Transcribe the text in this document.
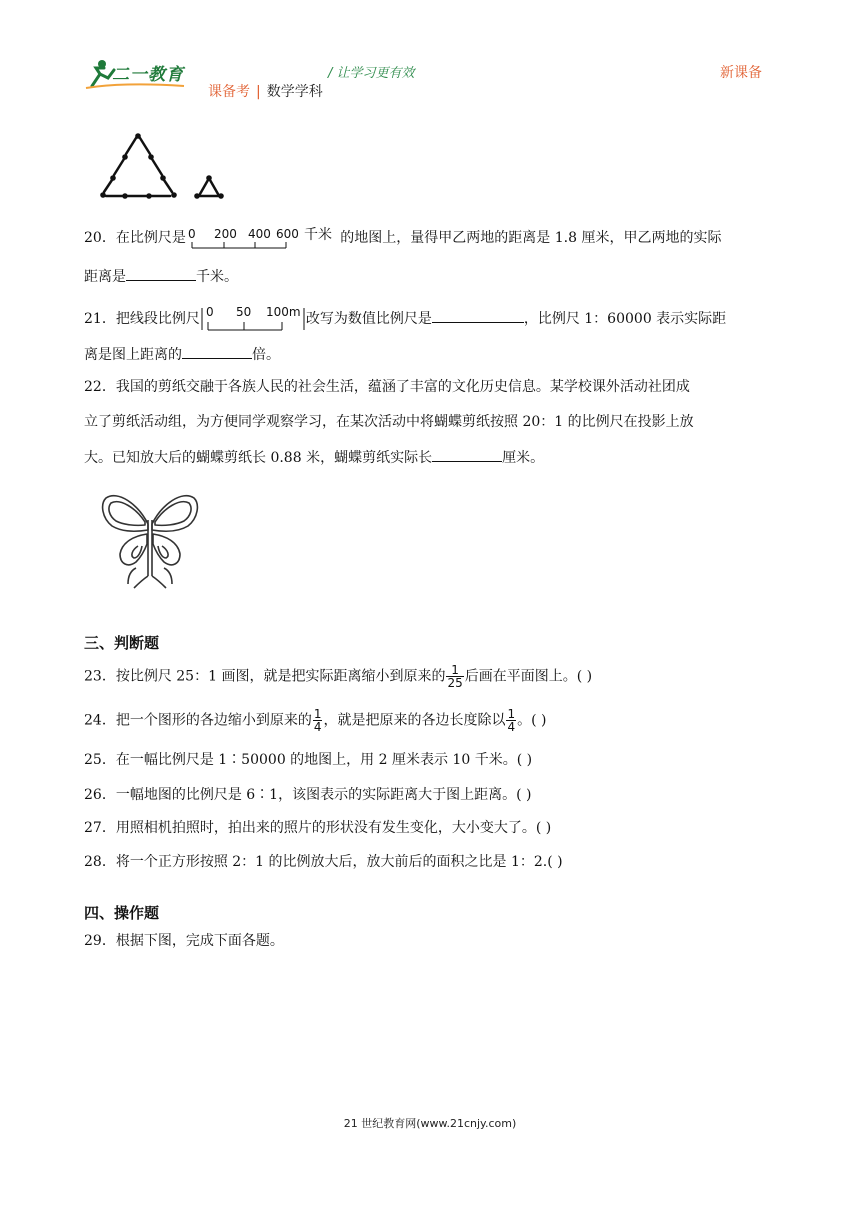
二一教育	/ 让学习更有效	新课备
课备考 | 数学学科
20．在比例尺是 0 200 400 600 千米 的地图上，量得甲乙两地的距离是 1.8 厘米，甲乙两地的实际
距离是	千米。
21．把线段比例尺 0 50 100m 改写为数值比例尺是	，比例尺 1：60000 表示实际距
离是图上距离的	倍。
22．我国的剪纸交融于各族人民的社会生活，蕴涵了丰富的文化历史信息。某学校课外活动社团成
立了剪纸活动组，为方便同学观察学习，在某次活动中将蝴蝶剪纸按照 20：1 的比例尺在投影上放
大。已知放大后的蝴蝶剪纸长 0.88 米，蝴蝶剪纸实际长	厘米。
三、判断题
23．按比例尺 25：1 画图，就是把实际距离缩小到原来的 $\frac{1}{25}$ 后画在平面图上。( )
24．把一个图形的各边缩小到原来的 $\frac{1}{4}$ ，就是把原来的各边长度除以 $\frac{1}{4}$ 。( )
25．在一幅比例尺是 1∶50000 的地图上，用 2 厘米表示 10 千米。( )
26．一幅地图的比例尺是 6∶1，该图表示的实际距离大于图上距离。( )
27．用照相机拍照时，拍出来的照片的形状没有发生变化，大小变大了。( )
28．将一个正方形按照 2：1 的比例放大后，放大前后的面积之比是 1：2.( )
四、操作题
29．根据下图，完成下面各题。
21 世纪教育网(www.21cnjy.com)
